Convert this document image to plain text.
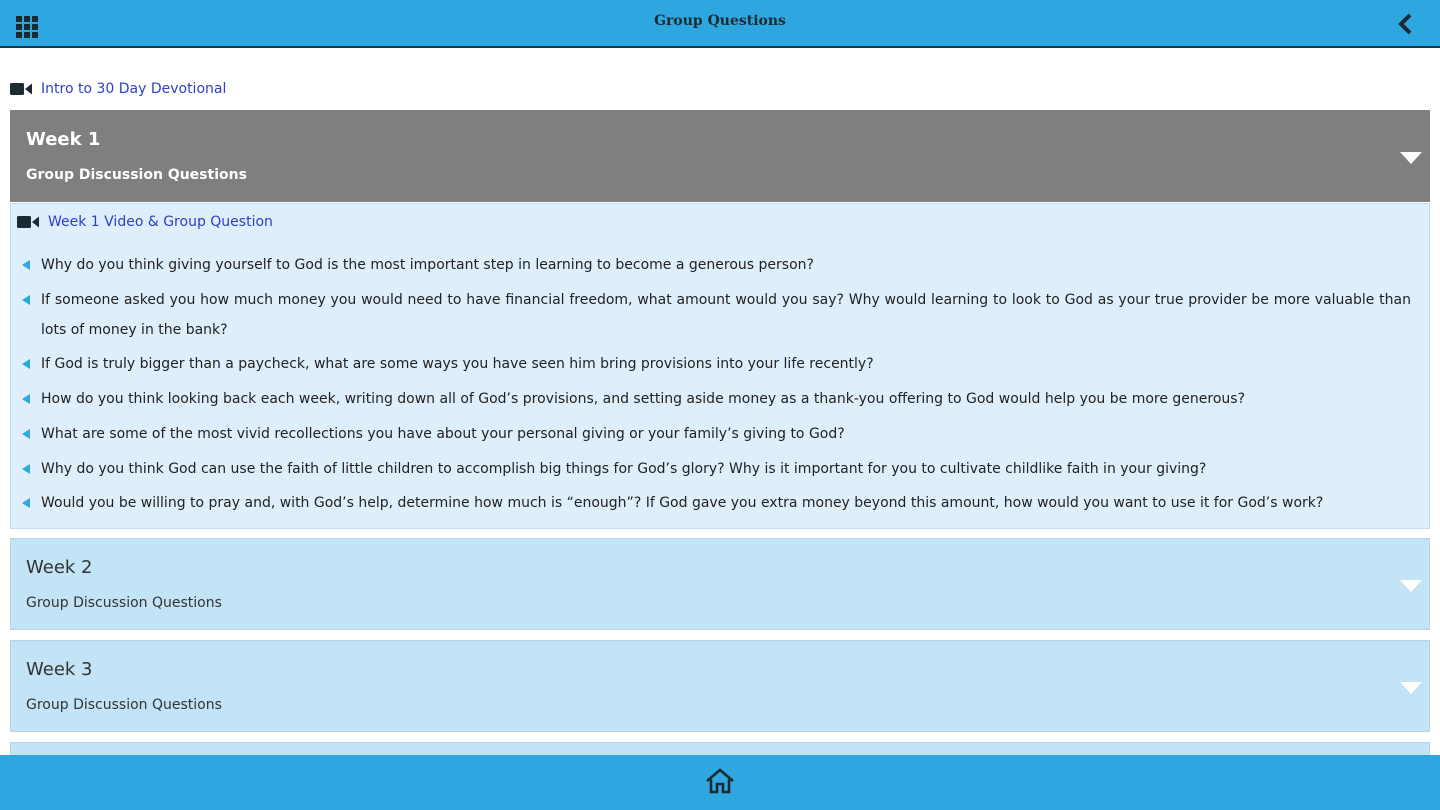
Group Questions
Intro to 30 Day Devotional
Week 1
Group Discussion Questions
Week 1 Video & Group Question
Why do you think giving yourself to God is the most important step in learning to become a generous person?
If someone asked you how much money you would need to have financial freedom, what amount would you say? Why would learning to look to God as your true provider be more valuable than lots of money in the bank?
If God is truly bigger than a paycheck, what are some ways you have seen him bring provisions into your life recently?
How do you think looking back each week, writing down all of God’s provisions, and setting aside money as a thank-you offering to God would help you be more generous?
What are some of the most vivid recollections you have about your personal giving or your family’s giving to God?
Why do you think God can use the faith of little children to accomplish big things for God’s glory? Why is it important for you to cultivate childlike faith in your giving?
Would you be willing to pray and, with God’s help, determine how much is “enough”? If God gave you extra money beyond this amount, how would you want to use it for God’s work?
Week 2
Group Discussion Questions
Week 3
Group Discussion Questions
